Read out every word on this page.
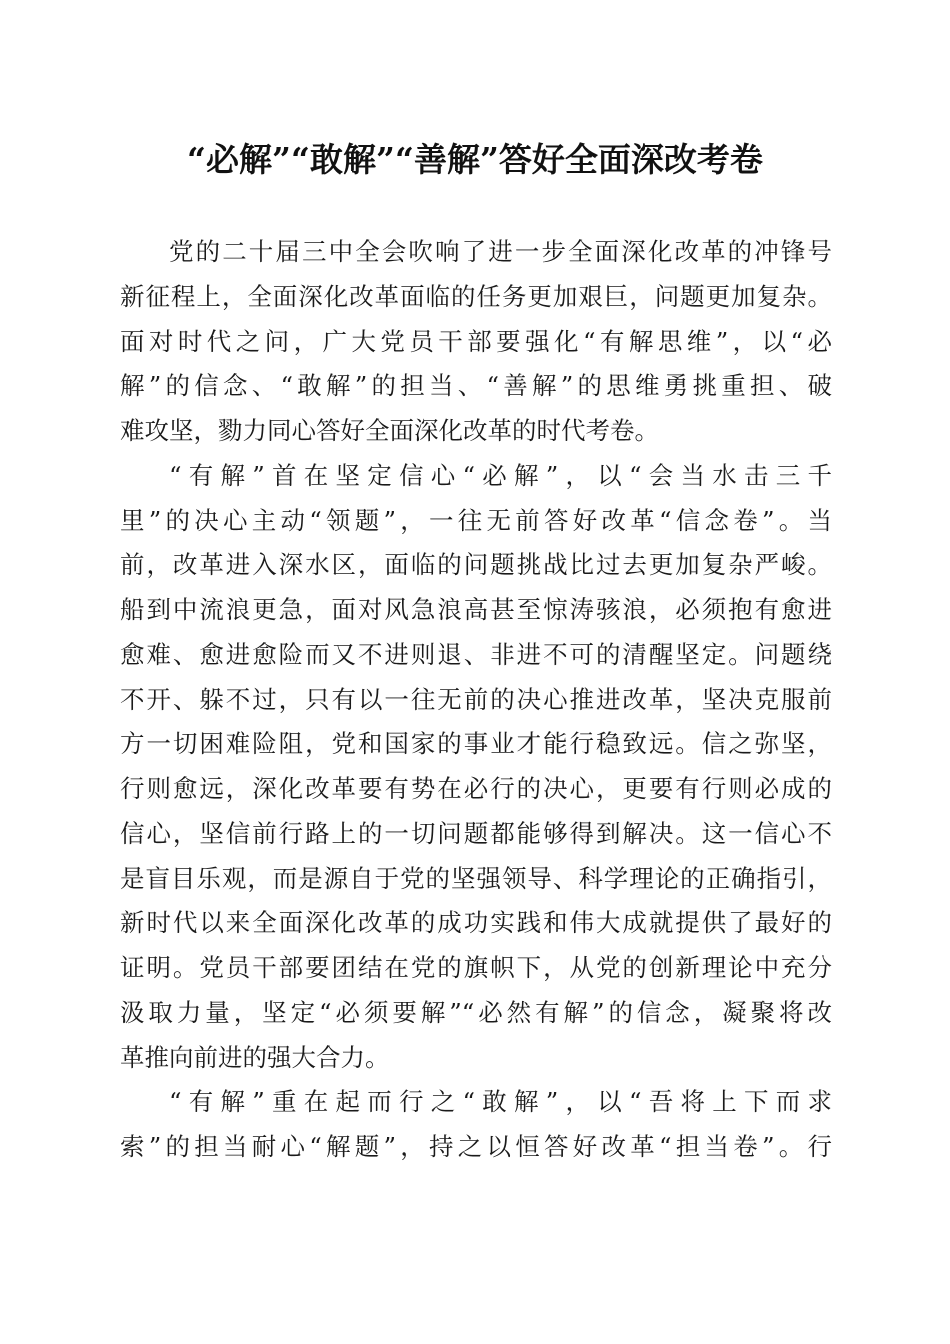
“必解”“敢解”“善解”答好全面深改考卷
党的二十届三中全会吹响了进一步全面深化改革的冲锋号
新征程上，全面深化改革面临的任务更加艰巨，问题更加复杂。
面对时代之问，广大党员干部要强化“有解思维”，以“必
解”的信念、“敢解”的担当、“善解”的思维勇挑重担、破
难攻坚，勠力同心答好全面深化改革的时代考卷。
“有解”首在坚定信心“必解”，以“会当水击三千
里”的决心主动“领题”，一往无前答好改革“信念卷”。当
前，改革进入深水区，面临的问题挑战比过去更加复杂严峻。
船到中流浪更急，面对风急浪高甚至惊涛骇浪，必须抱有愈进
愈难、愈进愈险而又不进则退、非进不可的清醒坚定。问题绕
不开、躲不过，只有以一往无前的决心推进改革，坚决克服前
方一切困难险阻，党和国家的事业才能行稳致远。信之弥坚，
行则愈远，深化改革要有势在必行的决心，更要有行则必成的
信心，坚信前行路上的一切问题都能够得到解决。这一信心不
是盲目乐观，而是源自于党的坚强领导、科学理论的正确指引，
新时代以来全面深化改革的成功实践和伟大成就提供了最好的
证明。党员干部要团结在党的旗帜下，从党的创新理论中充分
汲取力量，坚定“必须要解”“必然有解”的信念，凝聚将改
革推向前进的强大合力。
“有解”重在起而行之“敢解”，以“吾将上下而求
索”的担当耐心“解题”，持之以恒答好改革“担当卷”。行
